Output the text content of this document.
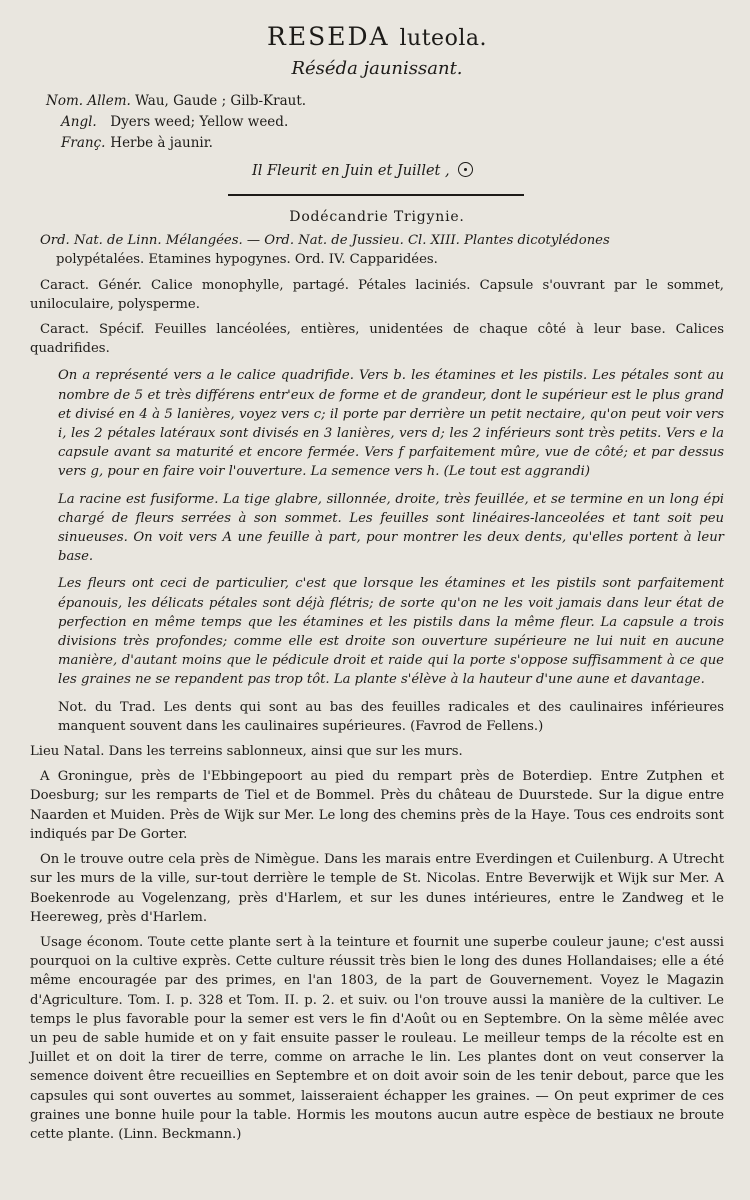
RESEDA luteola.
Réséda jaunissant.
Nom. Allem. Wau, Gaude ; Gilb-Kraut.
Angl. Dyers weed; Yellow weed.
Franç. Herbe à jaunir.
Il Fleurit en Juin et Juillet ,
Dodécandrie Trigynie.

Ord. Nat. de Linn. Mélangées. — Ord. Nat. de Jussieu. Cl. XIII. Plantes dicotylédones

polypétalées. Etamines hypogynes. Ord. IV. Capparidées.

Caract. Génér. Calice monophylle, partagé. Pétales laciniés. Capsule s'ouvrant par le sommet, uniloculaire, polysperme.

Caract. Spécif. Feuilles lancéolées, entières, unidentées de chaque côté à leur base. Calices quadrifides.

On a représenté vers a le calice quadrifide. Vers b. les étamines et les pistils. Les pétales sont au nombre de 5 et très différens entr'eux de forme et de grandeur, dont le supérieur est le plus grand et divisé en 4 à 5 lanières, voyez vers c; il porte par derrière un petit nectaire, qu'on peut voir vers i, les 2 pétales latéraux sont divisés en 3 lanières, vers d; les 2 inférieurs sont très petits. Vers e la capsule avant sa maturité et encore fermée. Vers f parfaitement mûre, vue de côté; et par dessus vers g, pour en faire voir l'ouverture. La semence vers h. (Le tout est aggrandi)

La racine est fusiforme. La tige glabre, sillonnée, droite, très feuillée, et se termine en un long épi chargé de fleurs serrées à son sommet. Les feuilles sont linéaires-lanceolées et tant soit peu sinueuses. On voit vers A une feuille à part, pour montrer les deux dents, qu'elles portent à leur base.

Les fleurs ont ceci de particulier, c'est que lorsque les étamines et les pistils sont parfaitement épanouis, les délicats pétales sont déjà flétris; de sorte qu'on ne les voit jamais dans leur état de perfection en même temps que les étamines et les pistils dans la même fleur. La capsule a trois divisions très profondes; comme elle est droite son ouverture supérieure ne lui nuit en aucune manière, d'autant moins que le pédicule droit et raide qui la porte s'oppose suffisamment à ce que les graines ne se repandent pas trop tôt. La plante s'élève à la hauteur d'une aune et davantage.

Not. du Trad. Les dents qui sont au bas des feuilles radicales et des caulinaires inférieures manquent souvent dans les caulinaires supérieures. (Favrod de Fellens.)

Lieu Natal. Dans les terreins sablonneux, ainsi que sur les murs.

A Groningue, près de l'Ebbingepoort au pied du rempart près de Boterdiep. Entre Zutphen et Doesburg; sur les remparts de Tiel et de Bommel. Près du château de Duurstede. Sur la digue entre Naarden et Muiden. Près de Wijk sur Mer. Le long des chemins près de la Haye. Tous ces endroits sont indiqués par De Gorter.

On le trouve outre cela près de Nimègue. Dans les marais entre Everdingen et Cuilenburg. A Utrecht sur les murs de la ville, sur-tout derrière le temple de St. Nicolas. Entre Beverwijk et Wijk sur Mer. A Boekenrode au Vogelenzang, près d'Harlem, et sur les dunes intérieures, entre le Zandweg et le Heereweg, près d'Harlem.

Usage économ. Toute cette plante sert à la teinture et fournit une superbe couleur jaune; c'est aussi pourquoi on la cultive exprès. Cette culture réussit très bien le long des dunes Hollandaises; elle a été même encouragée par des primes, en l'an 1803, de la part de Gouvernement. Voyez le Magazin d'Agriculture. Tom. I. p. 328 et Tom. II. p. 2. et suiv. ou l'on trouve aussi la manière de la cultiver. Le temps le plus favorable pour la semer est vers le fin d'Août ou en Septembre. On la sème mêlée avec un peu de sable humide et on y fait ensuite passer le rouleau. Le meilleur temps de la récolte est en Juillet et on doit la tirer de terre, comme on arrache le lin. Les plantes dont on veut conserver la semence doivent être recueillies en Septembre et on doit avoir soin de les tenir debout, parce que les capsules qui sont ouvertes au sommet, laisseraient échapper les graines. — On peut exprimer de ces graines une bonne huile pour la table. Hormis les moutons aucun autre espèce de bestiaux ne broute cette plante. (Linn. Beckmann.)
